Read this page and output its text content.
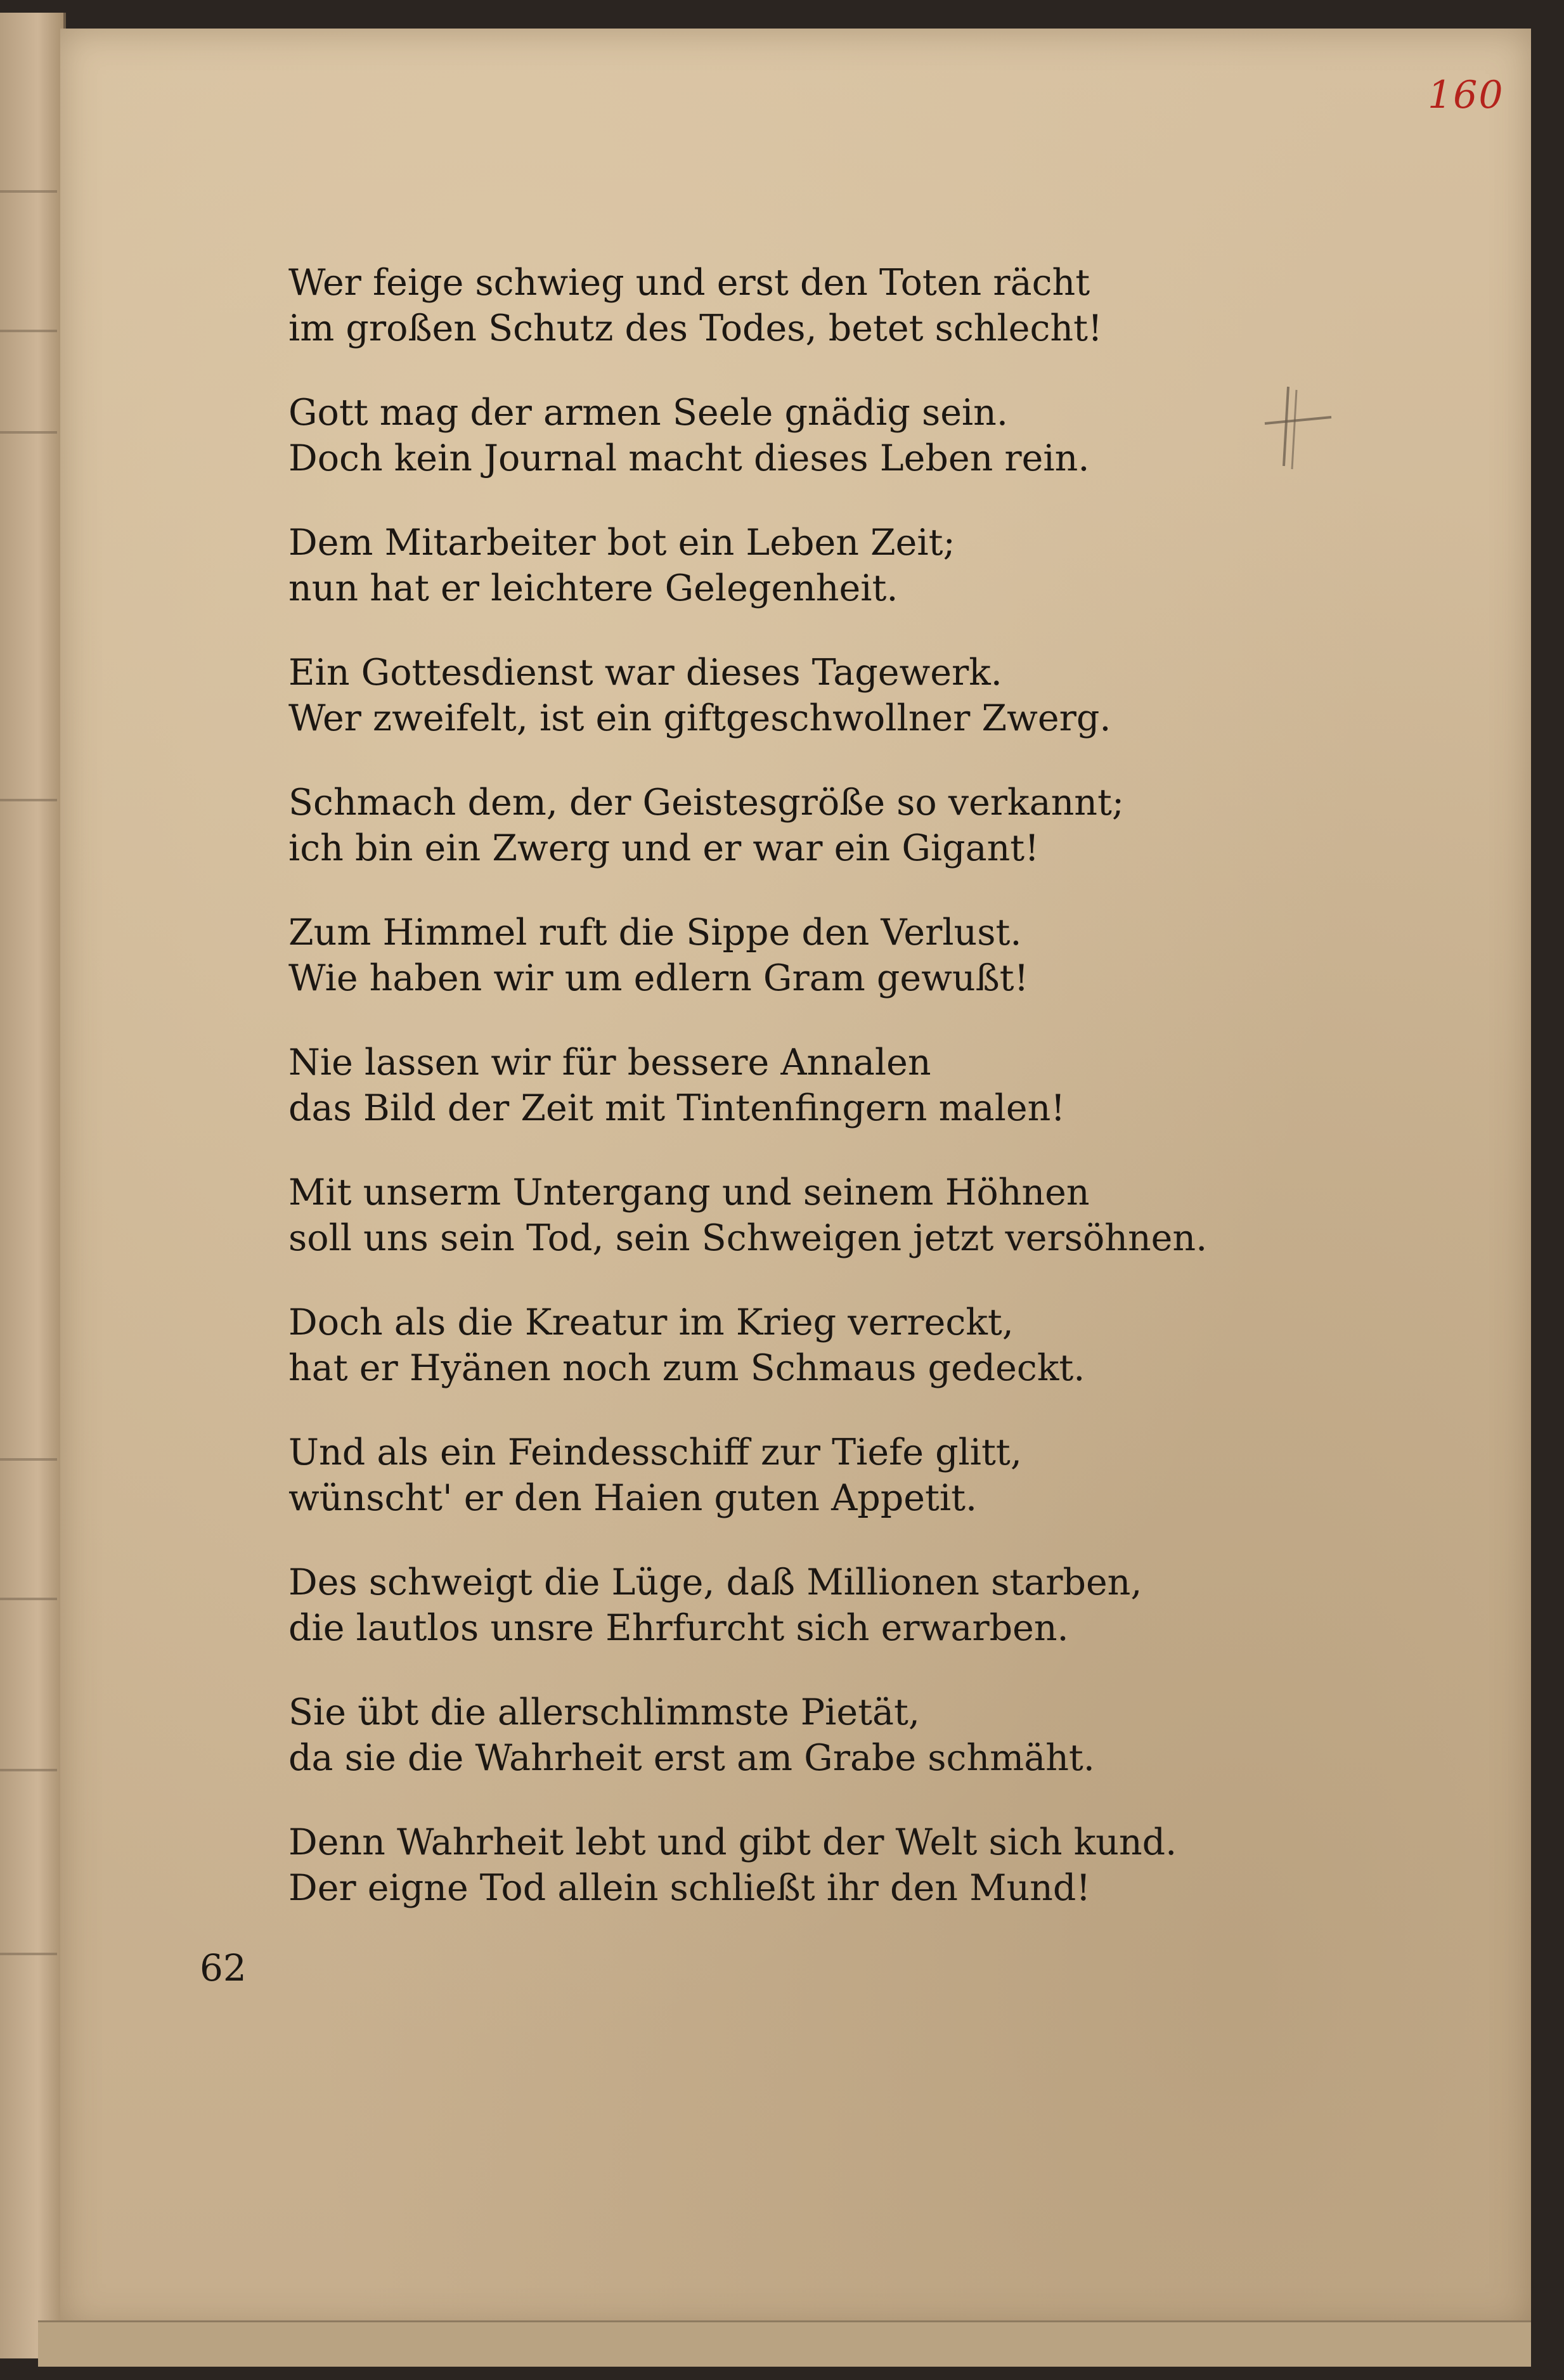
160
Wer feige schwieg und erst den Toten rächt
im großen Schutz des Todes, betet schlecht!
Gott mag der armen Seele gnädig sein.
Doch kein Journal macht dieses Leben rein.
Dem Mitarbeiter bot ein Leben Zeit;
nun hat er leichtere Gelegenheit.
Ein Gottesdienst war dieses Tagewerk.
Wer zweifelt, ist ein giftgeschwollner Zwerg.
Schmach dem, der Geistesgröße so verkannt;
ich bin ein Zwerg und er war ein Gigant!
Zum Himmel ruft die Sippe den Verlust.
Wie haben wir um edlern Gram gewußt!
Nie lassen wir für bessere Annalen
das Bild der Zeit mit Tintenfingern malen!
Mit unserm Untergang und seinem Höhnen
soll uns sein Tod, sein Schweigen jetzt versöhnen.
Doch als die Kreatur im Krieg verreckt,
hat er Hyänen noch zum Schmaus gedeckt.
Und als ein Feindesschiff zur Tiefe glitt,
wünscht' er den Haien guten Appetit.
Des schweigt die Lüge, daß Millionen starben,
die lautlos unsre Ehrfurcht sich erwarben.
Sie übt die allerschlimmste Pietät,
da sie die Wahrheit erst am Grabe schmäht.
Denn Wahrheit lebt und gibt der Welt sich kund.
Der eigne Tod allein schließt ihr den Mund!
62
